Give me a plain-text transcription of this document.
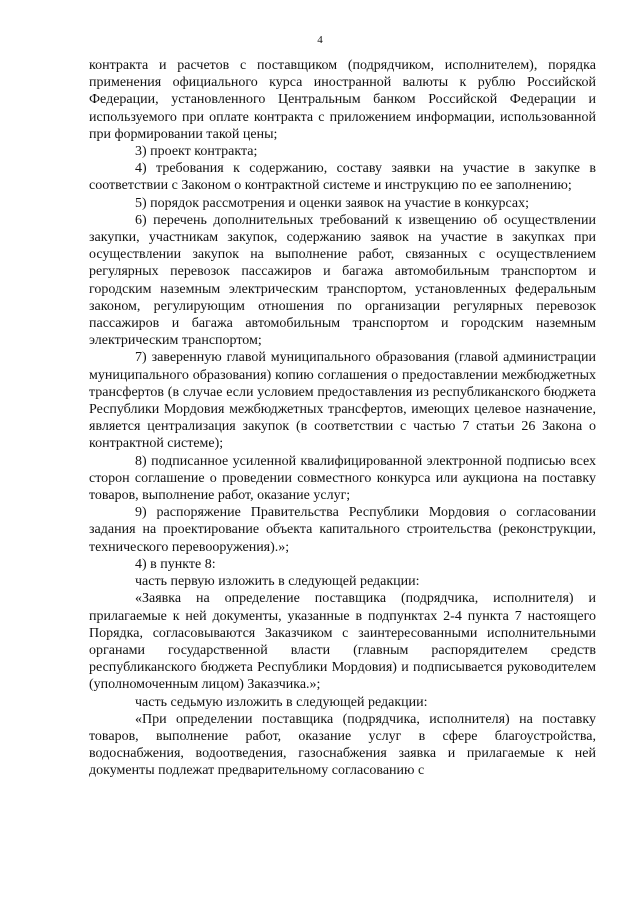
4

контракта и расчетов с поставщиком (подрядчиком, исполнителем), порядка применения официального курса иностранной валюты к рублю Российской Федерации, установленного Центральным банком Российской Федерации и используемого при оплате контракта с приложением информации, использованной при формировании такой цены;

3) проект контракта;

4) требования к содержанию, составу заявки на участие в закупке в соответствии с Законом о контрактной системе и инструкцию по ее заполнению;

5) порядок рассмотрения и оценки заявок на участие в конкурсах;

6) перечень дополнительных требований к извещению об осуществлении закупки, участникам закупок, содержанию заявок на участие в закупках при осуществлении закупок на выполнение работ, связанных с осуществлением регулярных перевозок пассажиров и багажа автомобильным транспортом и городским наземным электрическим транспортом, установленных федеральным законом, регулирующим отношения по организации регулярных перевозок пассажиров и багажа автомобильным транспортом и городским наземным электрическим транспортом;

7) заверенную главой муниципального образования (главой администрации муниципального образования) копию соглашения о предоставлении межбюджетных трансфертов (в случае если условием предоставления из республиканского бюджета Республики Мордовия межбюджетных трансфертов, имеющих целевое назначение, является централизация закупок (в соответствии с частью 7 статьи 26 Закона о контрактной системе);

8) подписанное усиленной квалифицированной электронной подписью всех сторон соглашение о проведении совместного конкурса или аукциона на поставку товаров, выполнение работ, оказание услуг;

9) распоряжение Правительства Республики Мордовия о согласовании задания на проектирование объекта капитального строительства (реконструкции, технического перевооружения).»;

4) в пункте 8:

часть первую изложить в следующей редакции:

«Заявка на определение поставщика (подрядчика, исполнителя) и прилагаемые к ней документы, указанные в подпунктах 2-4 пункта 7 настоящего Порядка, согласовываются Заказчиком с заинтересованными исполнительными органами государственной власти (главным распорядителем средств республиканского бюджета Республики Мордовия) и подписывается руководителем (уполномоченным лицом) Заказчика.»;

часть седьмую изложить в следующей редакции:

«При определении поставщика (подрядчика, исполнителя) на поставку товаров, выполнение работ, оказание услуг в сфере благоустройства, водоснабжения, водоотведения, газоснабжения заявка и прилагаемые к ней документы подлежат предварительному согласованию с
